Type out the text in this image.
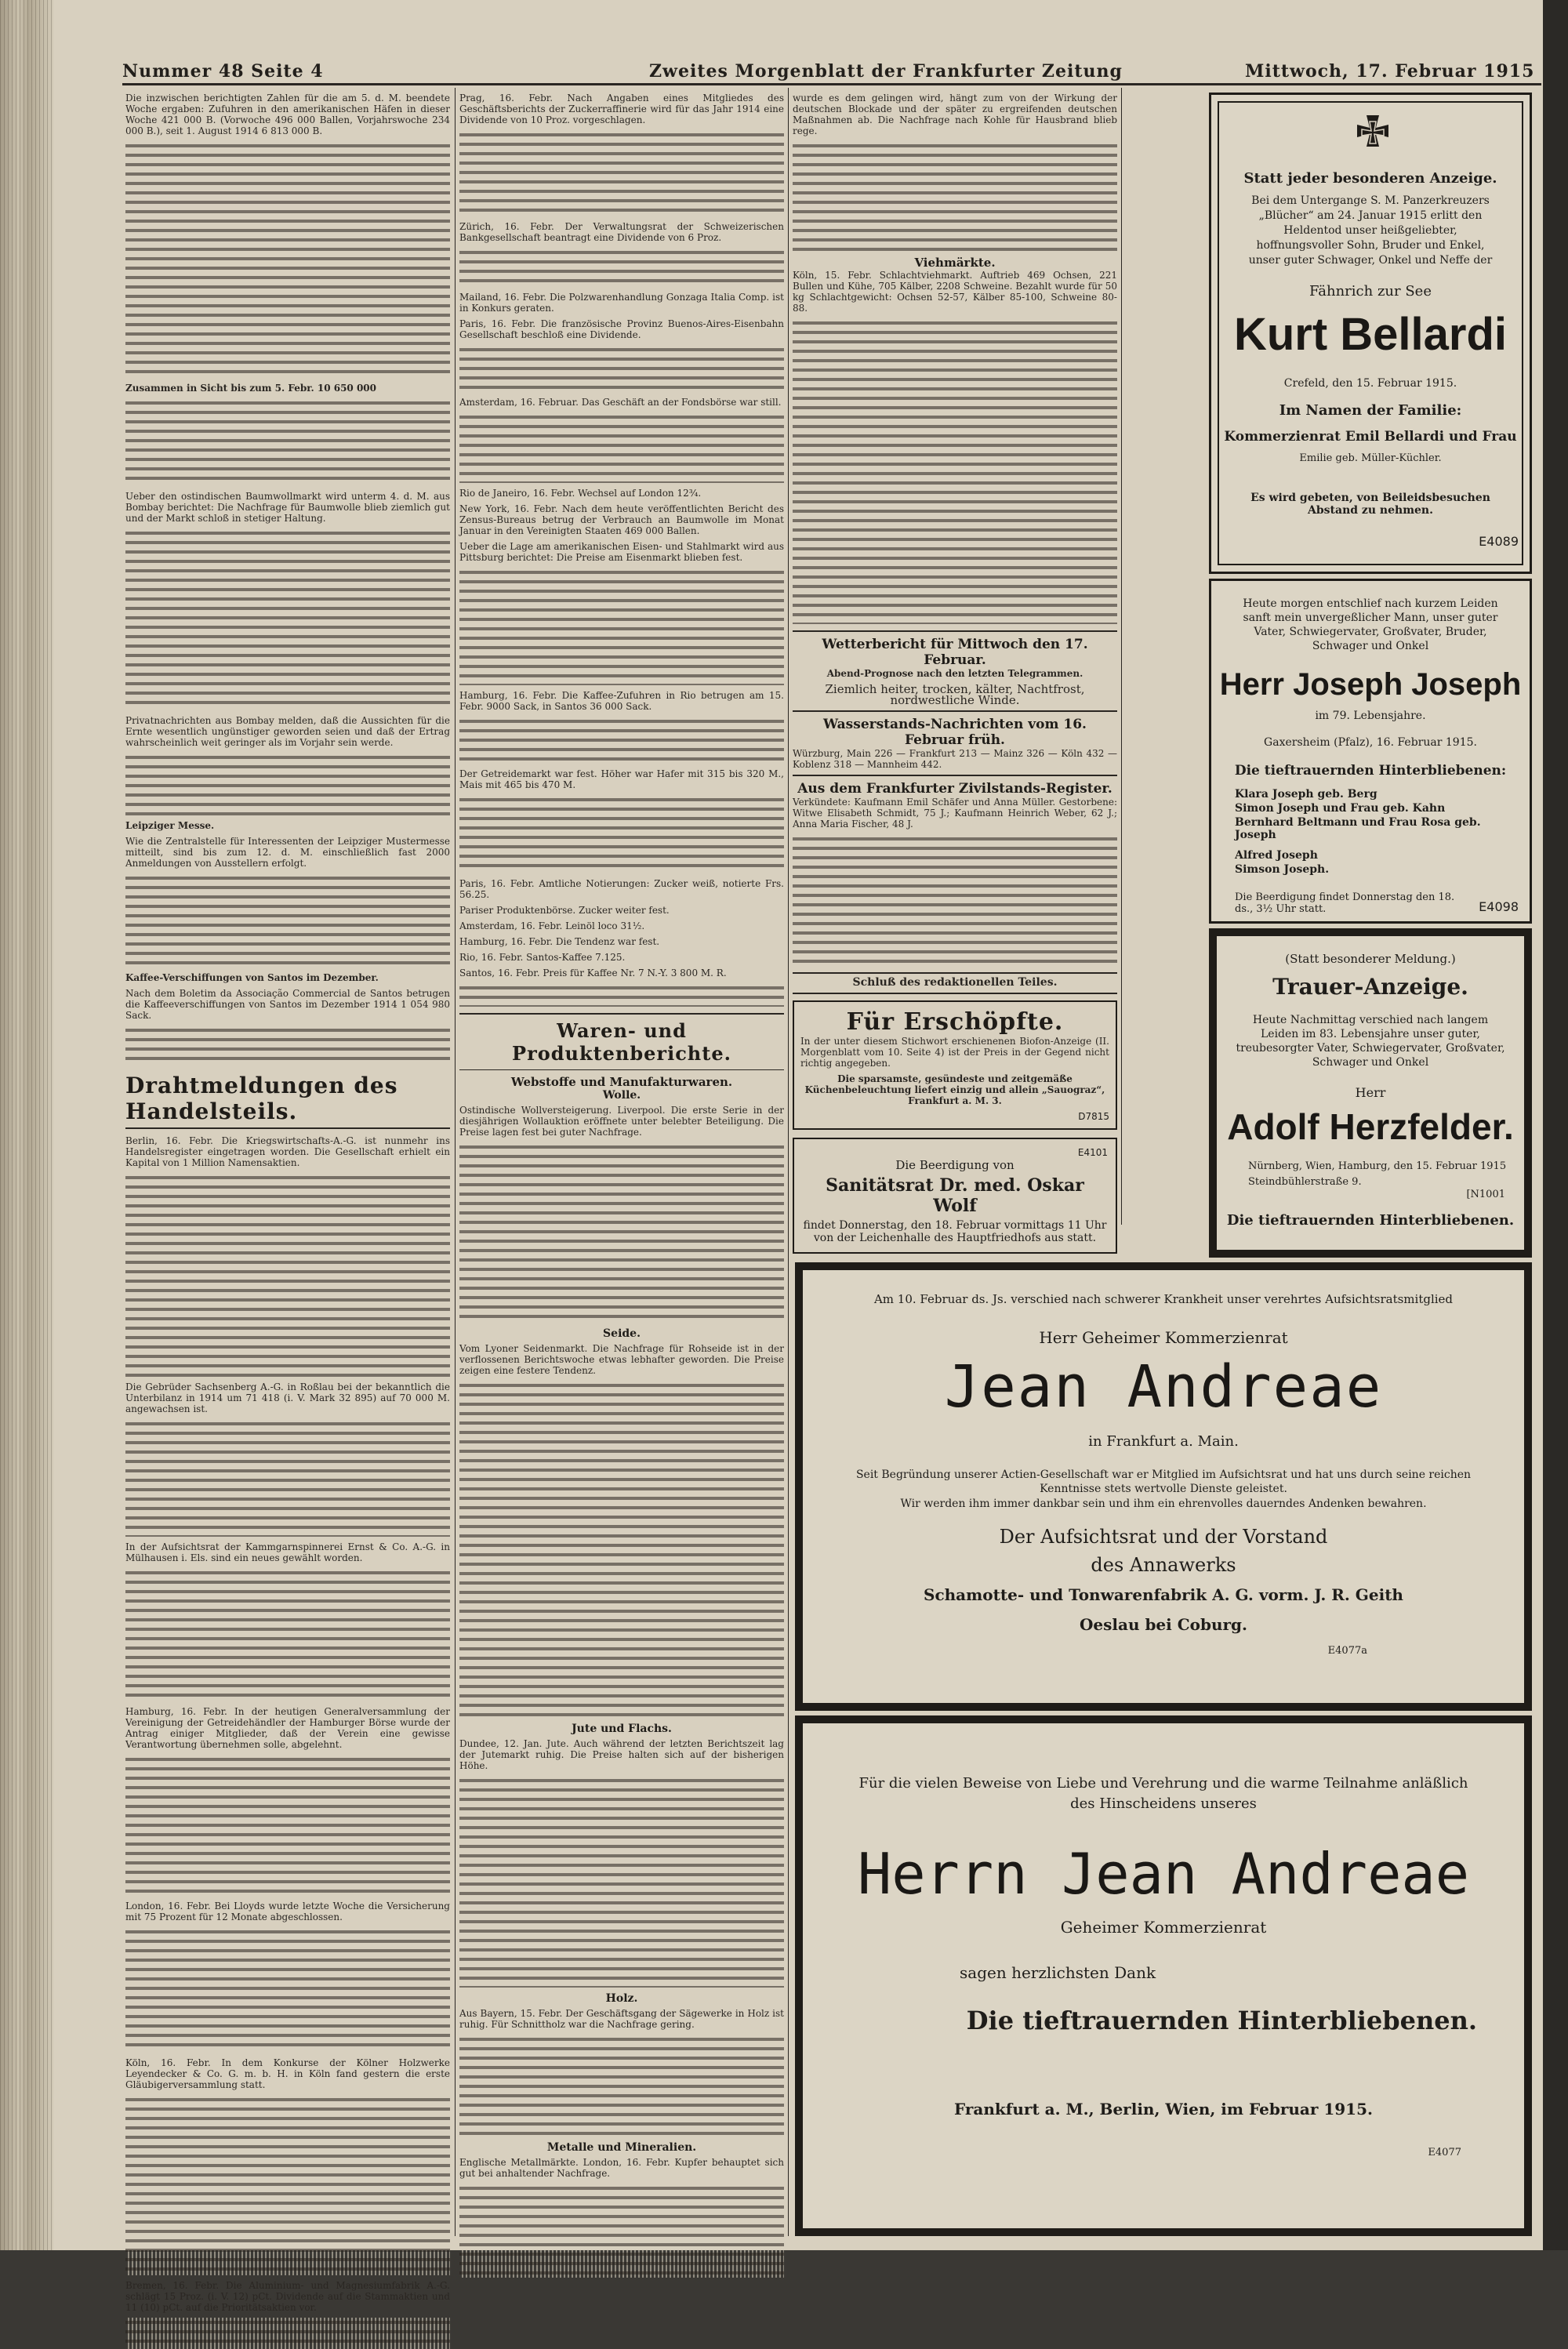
Nummer 48 Seite 4	Zweites Morgenblatt der Frankfurter Zeitung	Mittwoch, 17. Februar 1915

Die inzwischen berichtigten Zahlen für die am 5. d. M. beendete Woche ergaben: Zufuhren in den amerikanischen Häfen in dieser Woche 421 000 B. (Vorwoche 496 000 Ballen, Vorjahrswoche 234 000 B.), seit 1. August 1914 6 813 000 B.

Zusammen in Sicht bis zum 5. Febr. 10 650 000

Ueber den ostindischen Baumwollmarkt wird unterm 4. d. M. aus Bombay berichtet: Die Nachfrage für Baumwolle blieb ziemlich gut und der Markt schloß in stetiger Haltung.

Privatnachrichten aus Bombay melden, daß die Aussichten für die Ernte wesentlich ungünstiger geworden seien und daß der Ertrag wahrscheinlich weit geringer als im Vorjahr sein werde.

Leipziger Messe.

Wie die Zentralstelle für Interessenten der Leipziger Mustermesse mitteilt, sind bis zum 12. d. M. einschließlich fast 2000 Anmeldungen von Ausstellern erfolgt.

Kaffee-Verschiffungen von Santos im Dezember.

Nach dem Boletim da Associação Commercial de Santos betrugen die Kaffeeverschiffungen von Santos im Dezember 1914 1 054 980 Sack.

Drahtmeldungen des Handelsteils.

Berlin, 16. Febr. Die Kriegswirtschafts-A.-G. ist nunmehr ins Handelsregister eingetragen worden. Die Gesellschaft erhielt ein Kapital von 1 Million Namensaktien.

Die Gebrüder Sachsenberg A.-G. in Roßlau bei der bekanntlich die Unterbilanz in 1914 um 71 418 (i. V. Mark 32 895) auf 70 000 M. angewachsen ist.

In der Aufsichtsrat der Kammgarnspinnerei Ernst & Co. A.-G. in Mülhausen i. Els. sind ein neues gewählt worden.

Hamburg, 16. Febr. In der heutigen Generalversammlung der Vereinigung der Getreidehändler der Hamburger Börse wurde der Antrag einiger Mitglieder, daß der Verein eine gewisse Verantwortung übernehmen solle, abgelehnt.

London, 16. Febr. Bei Lloyds wurde letzte Woche die Versicherung mit 75 Prozent für 12 Monate abgeschlossen.

Köln, 16. Febr. In dem Konkurse der Kölner Holzwerke Leyendecker & Co. G. m. b. H. in Köln fand gestern die erste Gläubigerversammlung statt.

Bremen, 16. Febr. Die Aluminium- und Magnesiumfabrik A.-G. schlägt 15 Proz. (i. V. 12) pCt. Dividende auf die Stammaktien und 11 (10) pCt. auf die Prioritätsaktien vor.

Prag, 16. Febr. Nach Angaben eines Mitgliedes des Geschäftsberichts der Zuckerraffinerie wird für das Jahr 1914 eine Dividende von 10 Proz. vorgeschlagen.

Zürich, 16. Febr. Der Verwaltungsrat der Schweizerischen Bankgesellschaft beantragt eine Dividende von 6 Proz.

Mailand, 16. Febr. Die Polzwarenhandlung Gonzaga Italia Comp. ist in Konkurs geraten.

Paris, 16. Febr. Die französische Provinz Buenos-Aires-Eisenbahn Gesellschaft beschloß eine Dividende.

Amsterdam, 16. Februar. Das Geschäft an der Fondsbörse war still.

Rio de Janeiro, 16. Febr. Wechsel auf London 12¾.

New York, 16. Febr. Nach dem heute veröffentlichten Bericht des Zensus-Bureaus betrug der Verbrauch an Baumwolle im Monat Januar in den Vereinigten Staaten 469 000 Ballen.

Ueber die Lage am amerikanischen Eisen- und Stahlmarkt wird aus Pittsburg berichtet: Die Preise am Eisenmarkt blieben fest.

Hamburg, 16. Febr. Die Kaffee-Zufuhren in Rio betrugen am 15. Febr. 9000 Sack, in Santos 36 000 Sack.

Der Getreidemarkt war fest. Höher war Hafer mit 315 bis 320 M., Mais mit 465 bis 470 M.

Paris, 16. Febr. Amtliche Notierungen: Zucker weiß, notierte Frs. 56.25.

Pariser Produktenbörse. Zucker weiter fest.

Amsterdam, 16. Febr. Leinöl loco 31½.

Hamburg, 16. Febr. Die Tendenz war fest.

Rio, 16. Febr. Santos-Kaffee 7.125.

Santos, 16. Febr. Preis für Kaffee Nr. 7 N.-Y. 3 800 M. R.

Waren- und Produktenberichte.
Webstoffe und Manufakturwaren.
Wolle.

Ostindische Wollversteigerung. Liverpool. Die erste Serie in der diesjährigen Wollauktion eröffnete unter belebter Beteiligung. Die Preise lagen fest bei guter Nachfrage.

Seide.

Vom Lyoner Seidenmarkt. Die Nachfrage für Rohseide ist in der verflossenen Berichtswoche etwas lebhafter geworden. Die Preise zeigen eine festere Tendenz.

Jute und Flachs.

Dundee, 12. Jan. Jute. Auch während der letzten Berichtszeit lag der Jutemarkt ruhig. Die Preise halten sich auf der bisherigen Höhe.

Holz.

Aus Bayern, 15. Febr. Der Geschäftsgang der Sägewerke in Holz ist ruhig. Für Schnittholz war die Nachfrage gering.

Metalle und Mineralien.

Englische Metallmärkte. London, 16. Febr. Kupfer behauptet sich gut bei anhaltender Nachfrage.

wurde es dem gelingen wird, hängt zum von der Wirkung der deutschen Blockade und der später zu ergreifenden deutschen Maßnahmen ab. Die Nachfrage nach Kohle für Hausbrand blieb rege.

Viehmärkte.

Köln, 15. Febr. Schlachtviehmarkt. Auftrieb 469 Ochsen, 221 Bullen und Kühe, 705 Kälber, 2208 Schweine. Bezahlt wurde für 50 kg Schlachtgewicht: Ochsen 52-57, Kälber 85-100, Schweine 80-88.

Wetterbericht für Mittwoch den 17. Februar.

Abend-Prognose nach den letzten Telegrammen.

Ziemlich heiter, trocken, kälter, Nachtfrost, nordwestliche Winde.

Wasserstands-Nachrichten vom 16. Februar früh.

Würzburg, Main 226 — Frankfurt 213 — Mainz 326 — Köln 432 — Koblenz 318 — Mannheim 442.

Aus dem Frankfurter Zivilstands-Register.

Verkündete: Kaufmann Emil Schäfer und Anna Müller. Gestorbene: Witwe Elisabeth Schmidt, 75 J.; Kaufmann Heinrich Weber, 62 J.; Anna Maria Fischer, 48 J.

Schluß des redaktionellen Teiles.

Für Erschöpfte.

In der unter diesem Stichwort erschienenen Biofon-Anzeige (II. Morgenblatt vom 10. Seite 4) ist der Preis in der Gegend nicht richtig angegeben.

Die sparsamste, gesündeste und zeitgemäße Küchenbeleuchtung liefert einzig und allein „Sauograz“, Frankfurt a. M. 3.

D7815
E4101
Die Beerdigung von
Sanitätsrat Dr. med. Oskar Wolf
findet Donnerstag, den 18. Februar vormittags 11 Uhr von der Leichenhalle des Hauptfriedhofs aus statt.
Statt jeder besonderen Anzeige.
Bei dem Untergange S. M. Panzerkreuzers „Blücher“ am 24. Januar 1915 erlitt den Heldentod unser heißgeliebter, hoffnungsvoller Sohn, Bruder und Enkel, unser guter Schwager, Onkel und Neffe der
Fähnrich zur See
Kurt Bellardi
Crefeld, den 15. Februar 1915.
Im Namen der Familie:
Kommerzienrat Emil Bellardi und Frau
Emilie geb. Müller-Küchler.
Es wird gebeten, von Beileidsbesuchen Abstand zu nehmen.
E4089
Heute morgen entschlief nach kurzem Leiden sanft mein unvergeßlicher Mann, unser guter Vater, Schwiegervater, Großvater, Bruder, Schwager und Onkel
Herr Joseph Joseph
im 79. Lebensjahre.
Gaxersheim (Pfalz), 16. Februar 1915.
Die tieftrauernden Hinterbliebenen:

Klara Joseph geb. Berg

Simon Joseph und Frau geb. Kahn

Bernhard Beltmann und Frau Rosa geb. Joseph

Alfred Joseph

Simson Joseph.

Die Beerdigung findet Donnerstag den 18. ds., 3½ Uhr statt.	E4098
(Statt besonderer Meldung.)
Trauer-Anzeige.
Heute Nachmittag verschied nach langem Leiden im 83. Lebensjahre unser guter, treubesorgter Vater, Schwiegervater, Großvater, Schwager und Onkel
Herr
Adolf Herzfelder.
Nürnberg, Wien, Hamburg, den 15. Februar 1915
Steindbühlerstraße 9.
[N1001
Die tieftrauernden Hinterbliebenen.
Am 10. Februar ds. Js. verschied nach schwerer Krankheit unser verehrtes Aufsichtsratsmitglied
Herr Geheimer Kommerzienrat
Jean Andreae
in Frankfurt a. Main.
Seit Begründung unserer Actien-Gesellschaft war er Mitglied im Aufsichtsrat und hat uns durch seine reichen Kenntnisse stets wertvolle Dienste geleistet.
Wir werden ihm immer dankbar sein und ihm ein ehrenvolles dauerndes Andenken bewahren.
Der Aufsichtsrat und der Vorstand
des Annawerks
Schamotte- und Tonwarenfabrik A. G. vorm. J. R. Geith
Oeslau bei Coburg.
E4077a
Für die vielen Beweise von Liebe und Verehrung und die warme Teilnahme anläßlich des Hinscheidens unseres
Herrn Jean Andreae
Geheimer Kommerzienrat
sagen herzlichsten Dank
Die tieftrauernden Hinterbliebenen.
Frankfurt a. M., Berlin, Wien, im Februar 1915.
E4077
